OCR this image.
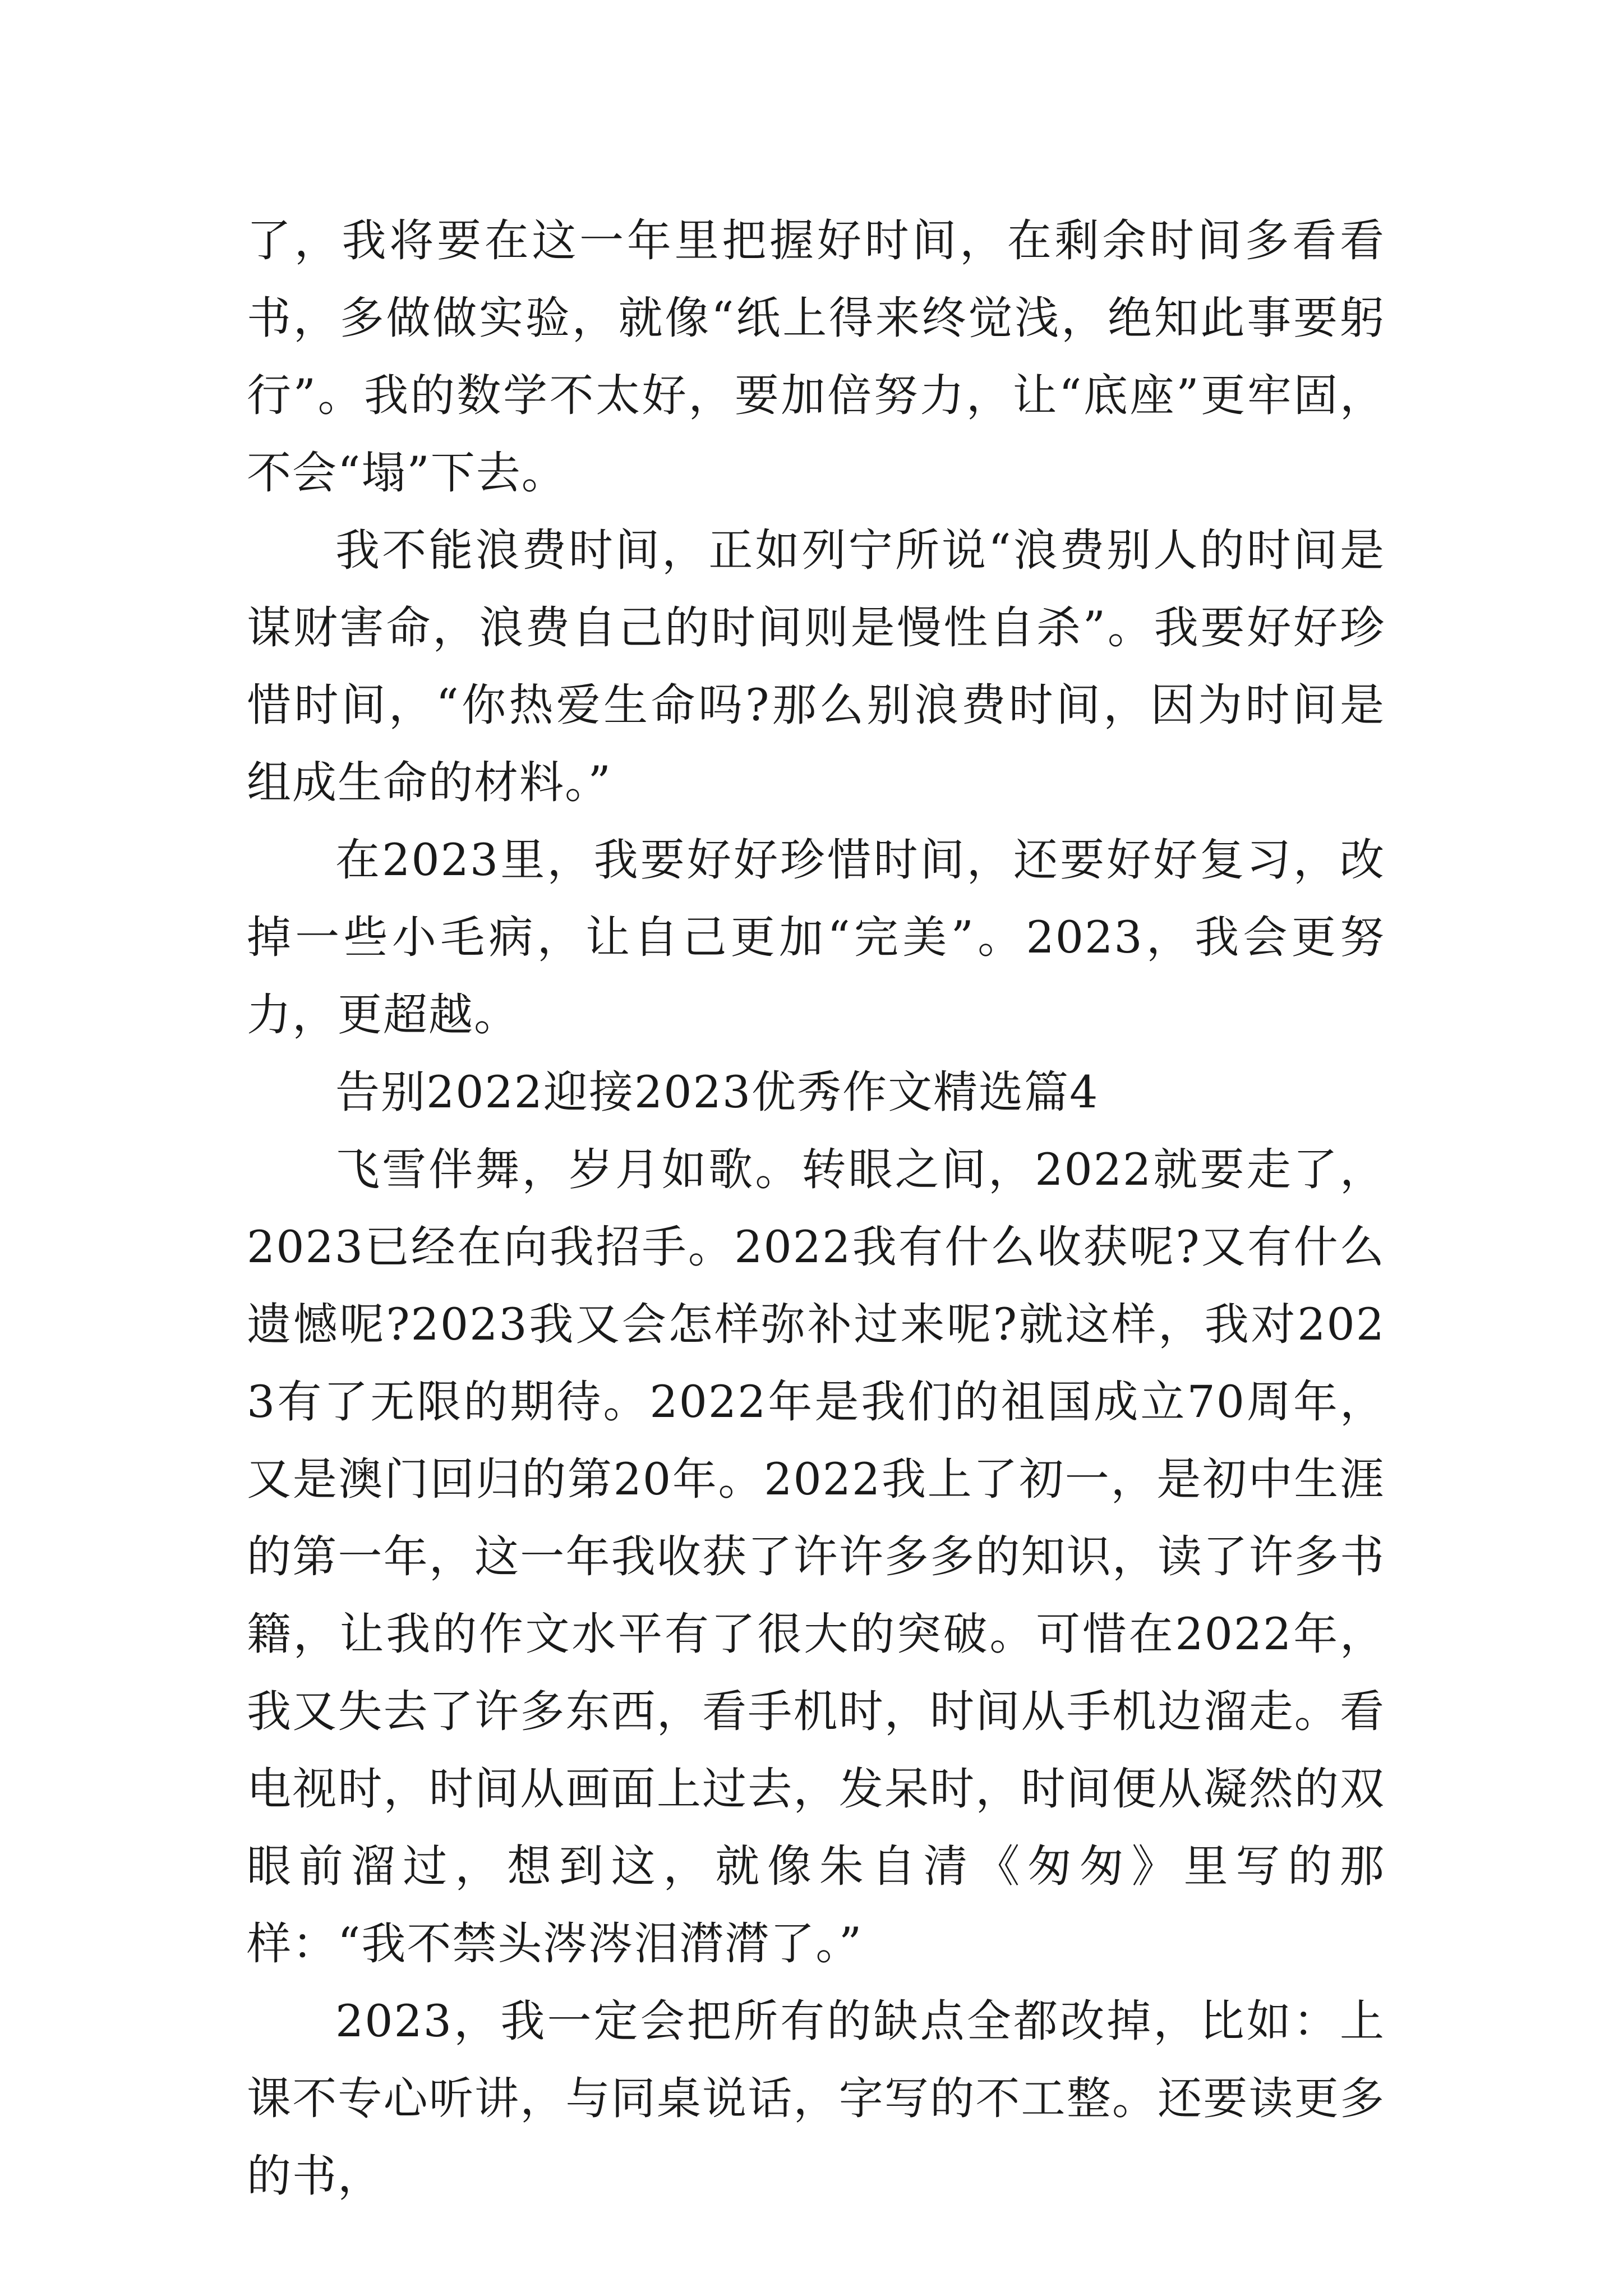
了，我将要在这一年里把握好时间，在剩余时间多看看书，多做做实验，就像“纸上得来终觉浅，绝知此事要躬行”。我的数学不太好，要加倍努力，让“底座”更牢固，不会“塌”下去。

我不能浪费时间，正如列宁所说“浪费别人的时间是谋财害命，浪费自己的时间则是慢性自杀”。我要好好珍惜时间，“你热爱生命吗?那么别浪费时间，因为时间是组成生命的材料。”

在2023里，我要好好珍惜时间，还要好好复习，改掉一些小毛病，让自己更加“完美”。2023，我会更努力，更超越。

告别2022迎接2023优秀作文精选篇4

飞雪伴舞，岁月如歌。转眼之间，2022就要走了，2023已经在向我招手。2022我有什么收获呢?又有什么遗憾呢?2023我又会怎样弥补过来呢?就这样，我对2023有了无限的期待。2022年是我们的祖国成立70周年，又是澳门回归的第20年。2022我上了初一，是初中生涯的第一年，这一年我收获了许许多多的知识，读了许多书籍，让我的作文水平有了很大的突破。可惜在2022年，我又失去了许多东西，看手机时，时间从手机边溜走。看电视时，时间从画面上过去，发呆时，时间便从凝然的双眼前溜过，想到这，就像朱自清《匆匆》里写的那样：“我不禁头涔涔泪潸潸了。”

2023，我一定会把所有的缺点全都改掉，比如：上课不专心听讲，与同桌说话，字写的不工整。还要读更多的书，
